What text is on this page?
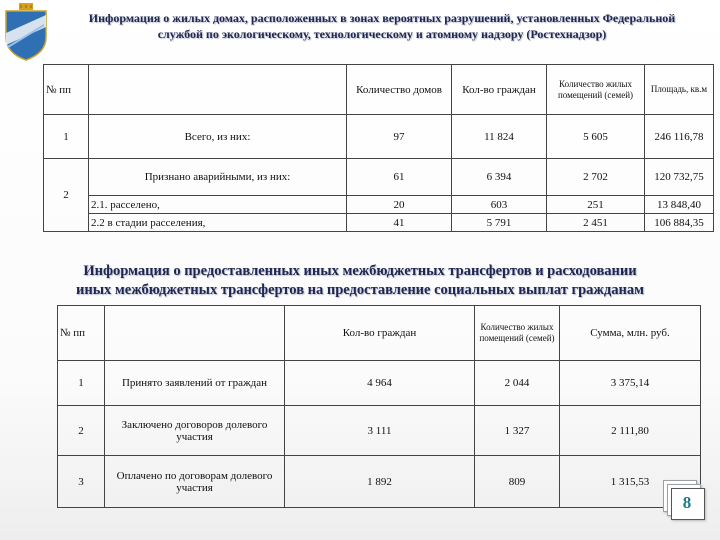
Информация о жилых домах, расположенных в зонах вероятных разрушений, установленных Федеральной
службой по экологическому, технологическому и атомному надзору (Ростехнадзор)
№ пп		Количество домов	Кол-во граждан	Количество жилых помещений (семей)	Площадь, кв.м
1	Всего, из них:	97	11 824	5 605	246 116,78
2	Признано аварийными, из них:	61	6 394	2 702	120 732,75
	2.1. расселено,	20	603	251	13 848,40
	2.2 в стадии расселения,	41	5 791	2 451	106 884,35
Информация о предоставленных иных межбюджетных трансфертов и расходовании
иных межбюджетных трансфертов на предоставление социальных выплат гражданам
№ пп		Кол-во граждан	Количество жилых помещений (семей)	Сумма, млн. руб.
1	Принято заявлений от граждан	4 964	2 044	3 375,14
2	Заключено договоров долевого участия	3 111	1 327	2 111,80
3	Оплачено по договорам долевого участия	1 892	809	1 315,53
8
